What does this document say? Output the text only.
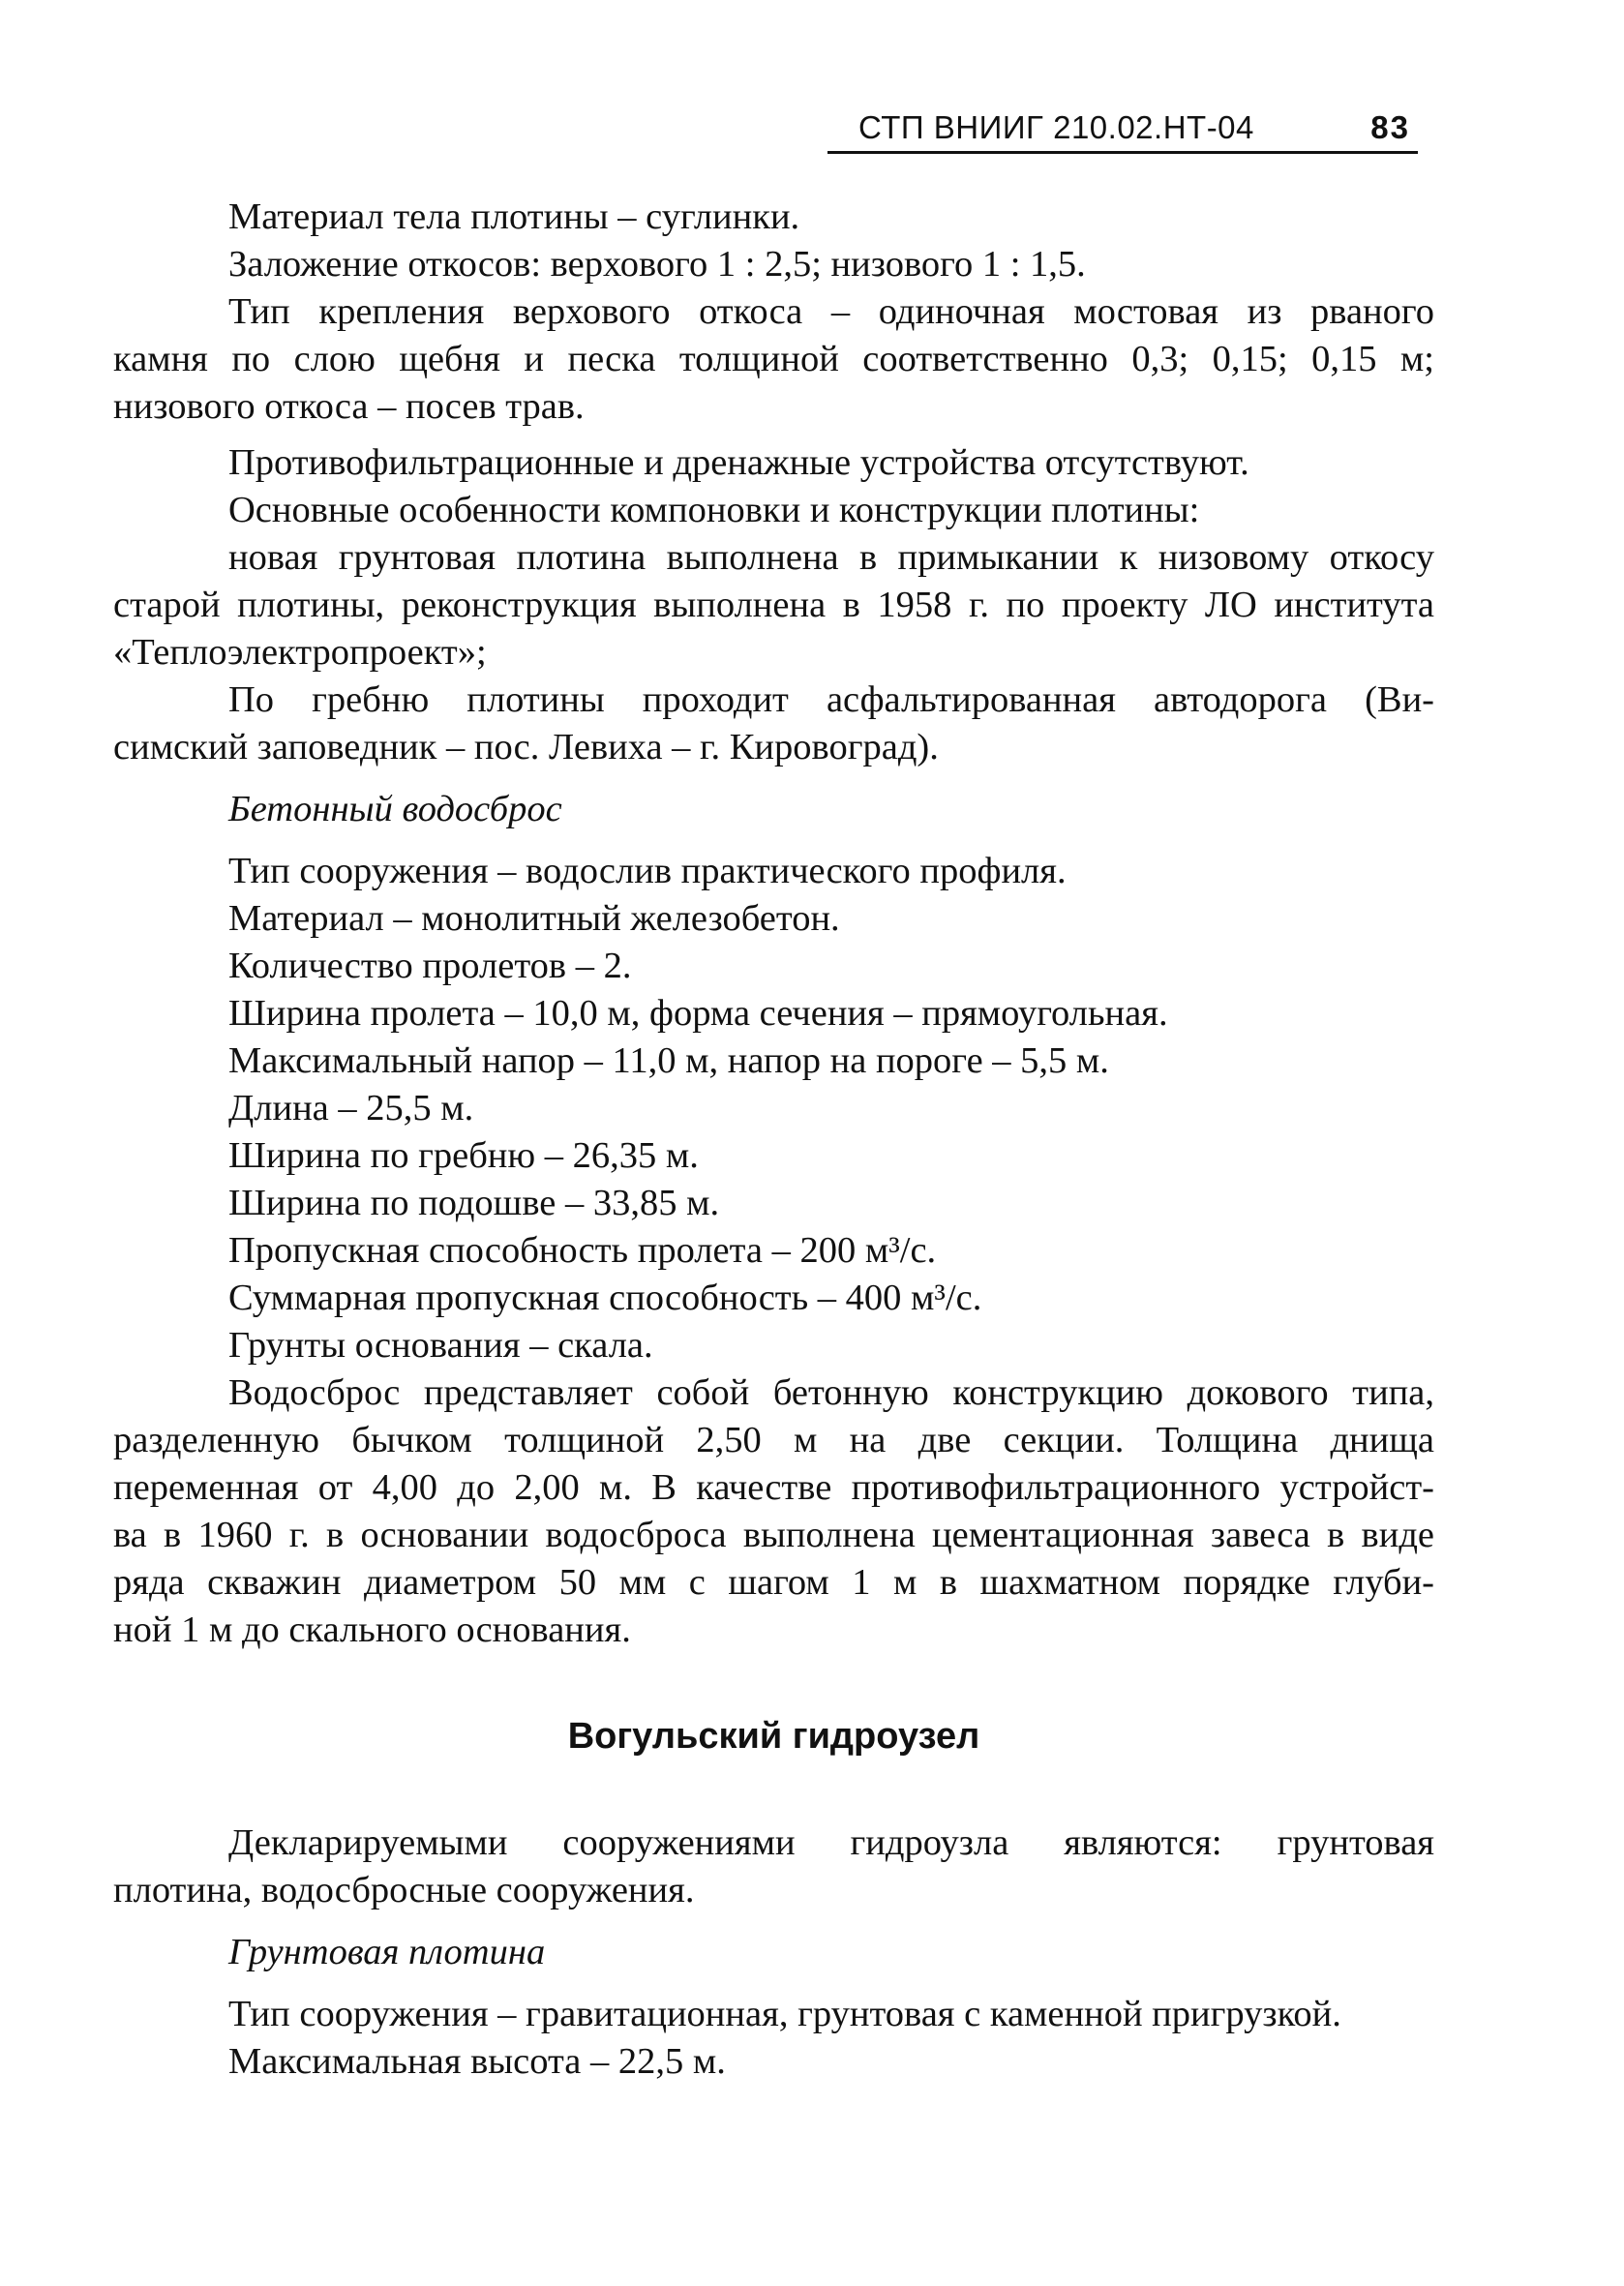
СТП ВНИИГ 210.02.НТ-04	83
Материал тела плотины – суглинки.
Заложение откосов: верхового 1 : 2,5; низового 1 : 1,5.
Тип крепления верхового откоса – одиночная мостовая из рваного
камня по слою щебня и песка толщиной соответственно 0,3; 0,15; 0,15 м;
низового откоса – посев трав.
Противофильтрационные и дренажные устройства отсутствуют.
Основные особенности компоновки и конструкции плотины:
новая грунтовая плотина выполнена в примыкании к низовому откосу
старой плотины, реконструкция выполнена в 1958 г. по проекту ЛО института
«Теплоэлектропроект»;
По гребню плотины проходит асфальтированная автодорога (Ви-
симский заповедник – пос. Левиха – г. Кировоград).
Бетонный водосброс
Тип сооружения – водослив практического профиля.
Материал – монолитный железобетон.
Количество пролетов – 2.
Ширина пролета – 10,0 м, форма сечения – прямоугольная.
Максимальный напор – 11,0 м, напор на пороге – 5,5 м.
Длина – 25,5 м.
Ширина по гребню – 26,35 м.
Ширина по подошве – 33,85 м.
Пропускная способность пролета – 200 м³/с.
Суммарная пропускная способность – 400 м³/с.
Грунты основания – скала.
Водосброс представляет собой бетонную конструкцию докового типа,
разделенную бычком толщиной 2,50 м на две секции. Толщина днища
переменная от 4,00 до 2,00 м. В качестве противофильтрационного устройст-
ва в 1960 г. в основании водосброса выполнена цементационная завеса в виде
ряда скважин диаметром 50 мм с шагом 1 м в шахматном порядке глуби-
ной 1 м до скального основания.
Вогульский гидроузел
Декларируемыми сооружениями гидроузла являются: грунтовая
плотина, водосбросные сооружения.
Грунтовая плотина
Тип сооружения – гравитационная, грунтовая с каменной пригрузкой.
Максимальная высота – 22,5 м.
